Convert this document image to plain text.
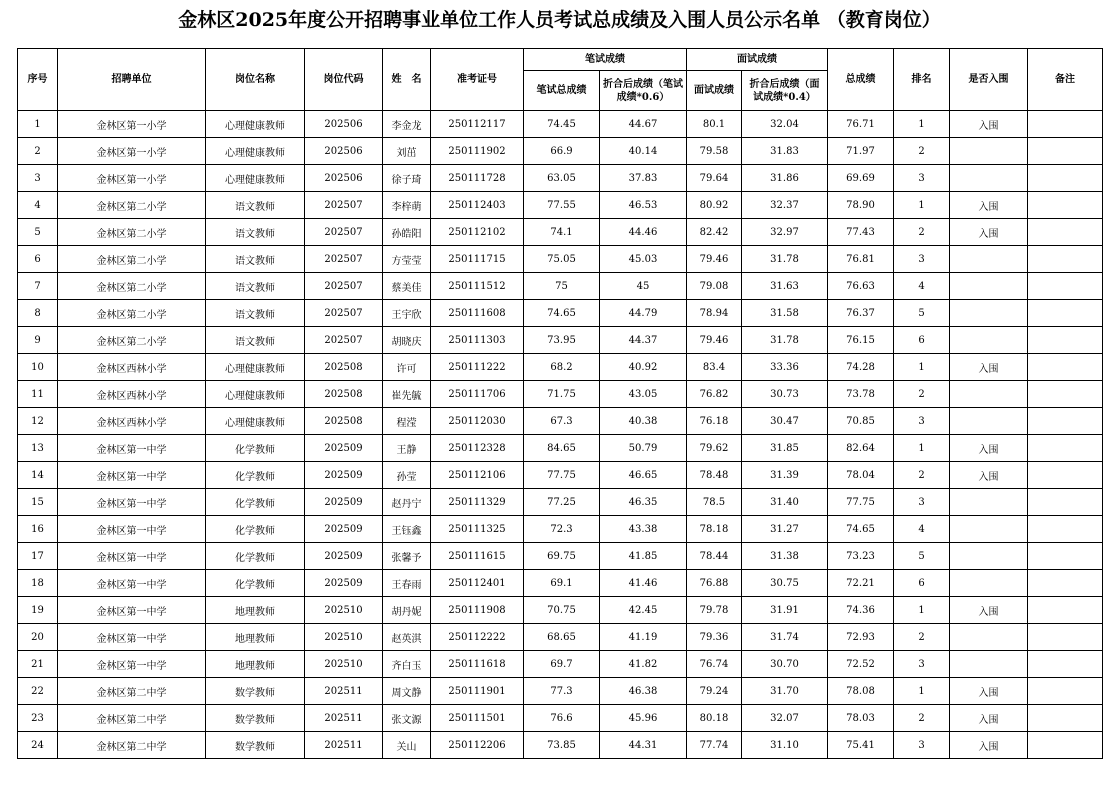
金林区2025年度公开招聘事业单位工作人员考试总成绩及入围人员公示名单 （教育岗位）
序号	招聘单位	岗位名称	岗位代码	姓　名	准考证号	笔试成绩		面试成绩		总成绩	排名	是否入围	备注
						笔试总成绩	折合后成绩（笔试成绩*0.6）	面试成绩	折合后成绩（面试成绩*0.4）				
1	金林区第一小学	心理健康教师	202506	李金龙	250112117	74.45	44.67	80.1	32.04	76.71	1	入围	
2	金林区第一小学	心理健康教师	202506	刘茁	250111902	66.9	40.14	79.58	31.83	71.97	2		
3	金林区第一小学	心理健康教师	202506	徐子琦	250111728	63.05	37.83	79.64	31.86	69.69	3		
4	金林区第二小学	语文教师	202507	李梓萌	250112403	77.55	46.53	80.92	32.37	78.90	1	入围	
5	金林区第二小学	语文教师	202507	孙皓阳	250112102	74.1	44.46	82.42	32.97	77.43	2	入围	
6	金林区第二小学	语文教师	202507	方莹莹	250111715	75.05	45.03	79.46	31.78	76.81	3		
7	金林区第二小学	语文教师	202507	蔡美佳	250111512	75	45	79.08	31.63	76.63	4		
8	金林区第二小学	语文教师	202507	王宇欣	250111608	74.65	44.79	78.94	31.58	76.37	5		
9	金林区第二小学	语文教师	202507	胡晓庆	250111303	73.95	44.37	79.46	31.78	76.15	6		
10	金林区西林小学	心理健康教师	202508	许可	250111222	68.2	40.92	83.4	33.36	74.28	1	入围	
11	金林区西林小学	心理健康教师	202508	崔先毓	250111706	71.75	43.05	76.82	30.73	73.78	2		
12	金林区西林小学	心理健康教师	202508	程滢	250112030	67.3	40.38	76.18	30.47	70.85	3		
13	金林区第一中学	化学教师	202509	王静	250112328	84.65	50.79	79.62	31.85	82.64	1	入围	
14	金林区第一中学	化学教师	202509	孙莹	250112106	77.75	46.65	78.48	31.39	78.04	2	入围	
15	金林区第一中学	化学教师	202509	赵丹宁	250111329	77.25	46.35	78.5	31.40	77.75	3		
16	金林区第一中学	化学教师	202509	王钰鑫	250111325	72.3	43.38	78.18	31.27	74.65	4		
17	金林区第一中学	化学教师	202509	张馨予	250111615	69.75	41.85	78.44	31.38	73.23	5		
18	金林区第一中学	化学教师	202509	王春雨	250112401	69.1	41.46	76.88	30.75	72.21	6		
19	金林区第一中学	地理教师	202510	胡丹妮	250111908	70.75	42.45	79.78	31.91	74.36	1	入围	
20	金林区第一中学	地理教师	202510	赵英淇	250112222	68.65	41.19	79.36	31.74	72.93	2		
21	金林区第一中学	地理教师	202510	齐白玉	250111618	69.7	41.82	76.74	30.70	72.52	3		
22	金林区第二中学	数学教师	202511	周文静	250111901	77.3	46.38	79.24	31.70	78.08	1	入围	
23	金林区第二中学	数学教师	202511	张文源	250111501	76.6	45.96	80.18	32.07	78.03	2	入围	
24	金林区第二中学	数学教师	202511	关山	250112206	73.85	44.31	77.74	31.10	75.41	3	入围	
